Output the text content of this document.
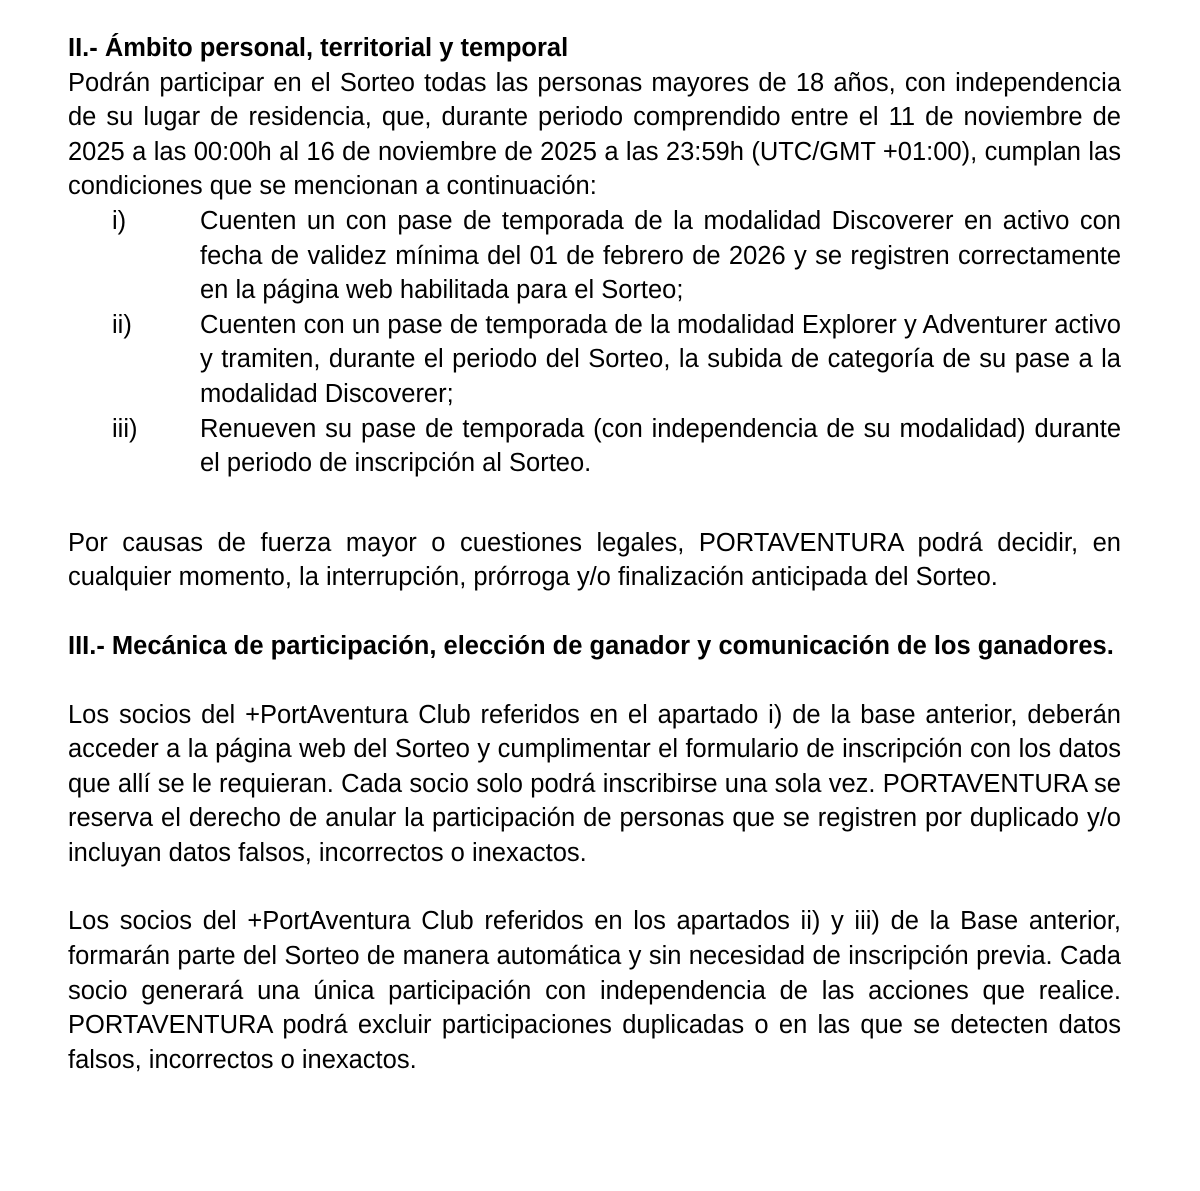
II.- Ámbito personal, territorial y temporal

Podrán participar en el Sorteo todas las personas mayores de 18 años, con independencia de su lugar de residencia, que, durante periodo comprendido entre el 11 de noviembre de 2025 a las 00:00h al 16 de noviembre de 2025 a las 23:59h (UTC/GMT +01:00), cumplan las condiciones que se mencionan a continuación:

i)	Cuenten un con pase de temporada de la modalidad Discoverer en activo con fecha de validez mínima del 01 de febrero de 2026 y se registren correctamente en la página web habilitada para el Sorteo;
ii)	Cuenten con un pase de temporada de la modalidad Explorer y Adventurer activo y tramiten, durante el periodo del Sorteo, la subida de categoría de su pase a la modalidad Discoverer;
iii)	Renueven su pase de temporada (con independencia de su modalidad) durante el periodo de inscripción al Sorteo.

Por causas de fuerza mayor o cuestiones legales, PORTAVENTURA podrá decidir, en cualquier momento, la interrupción, prórroga y/o finalización anticipada del Sorteo.

III.- Mecánica de participación, elección de ganador y comunicación de los ganadores.

Los socios del +PortAventura Club referidos en el apartado i) de la base anterior, deberán acceder a la página web del Sorteo y cumplimentar el formulario de inscripción con los datos que allí se le requieran. Cada socio solo podrá inscribirse una sola vez. PORTAVENTURA se reserva el derecho de anular la participación de personas que se registren por duplicado y/o incluyan datos falsos, incorrectos o inexactos.

Los socios del +PortAventura Club referidos en los apartados ii) y iii) de la Base anterior, formarán parte del Sorteo de manera automática y sin necesidad de inscripción previa. Cada socio generará una única participación con independencia de las acciones que realice. PORTAVENTURA podrá excluir participaciones duplicadas o en las que se detecten datos falsos, incorrectos o inexactos.
